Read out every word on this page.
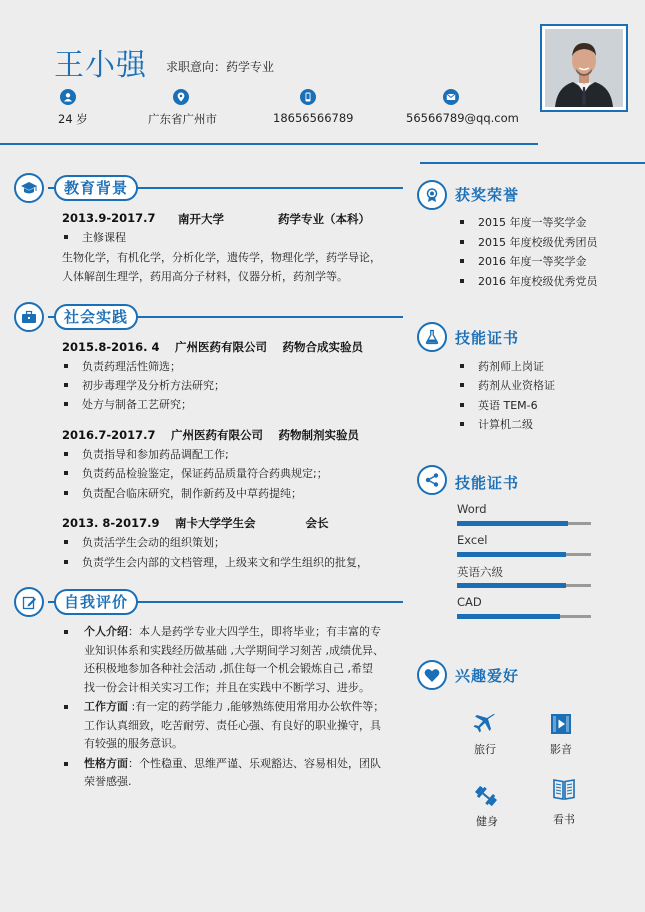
王小强 求职意向：药学专业
24 岁	广东省广州市	18656566789	56566789@qq.com
教育背景
2013.9-2017.7 南开大学	药学专业（本科）
主修课程
生物化学，有机化学，分析化学，遗传学，物理化学，药学导论，
人体解剖生理学，药用高分子材料，仪器分析，药剂学等。
社会实践
2015.8-2016. 4　 广州医药有限公司　 药物合成实验员
负责药理活性筛选；
初步毒理学及分析方法研究；
处方与制备工艺研究；
2016.7-2017.7　 广州医药有限公司　 药物制剂实验员
负责指导和参加药品调配工作;
负责药品检验鉴定，保证药品质量符合药典规定;；
负责配合临床研究，制作新药及中草药提纯；
2013. 8-2017.9　 南卡大学学生会　　　　 会长
负责活学生会动的组织策划；
负责学生会内部的文档管理，上级来文和学生组织的批复，
自我评价
个人介绍：本人是药学专业大四学生，即将毕业；有丰富的专
业知识体系和实践经历做基础 ,大学期间学习刻苦 ,成绩优异、
还积极地参加各种社会活动 ,抓住每一个机会锻炼自己 ,希望
找一份会计相关实习工作；并且在实践中不断学习、进步。
工作方面 :有一定的药学能力 ,能够熟练使用常用办公软件等；
工作认真细致，吃苦耐劳、责任心强、有良好的职业操守，具
有较强的服务意识。
性格方面：个性稳重、思维严谨、乐观豁达、容易相处，团队
荣誉感强.
获奖荣誉
2015 年度一等奖学金
2015 年度校级优秀团员
2016 年度一等奖学金
2016 年度校级优秀党员
技能证书
药剂师上岗证
药剂从业资格证
英语 TEM-6
计算机二级
技能证书
Word
Excel
英语六级
CAD
兴趣爱好
旅行	影音
健身	看书
